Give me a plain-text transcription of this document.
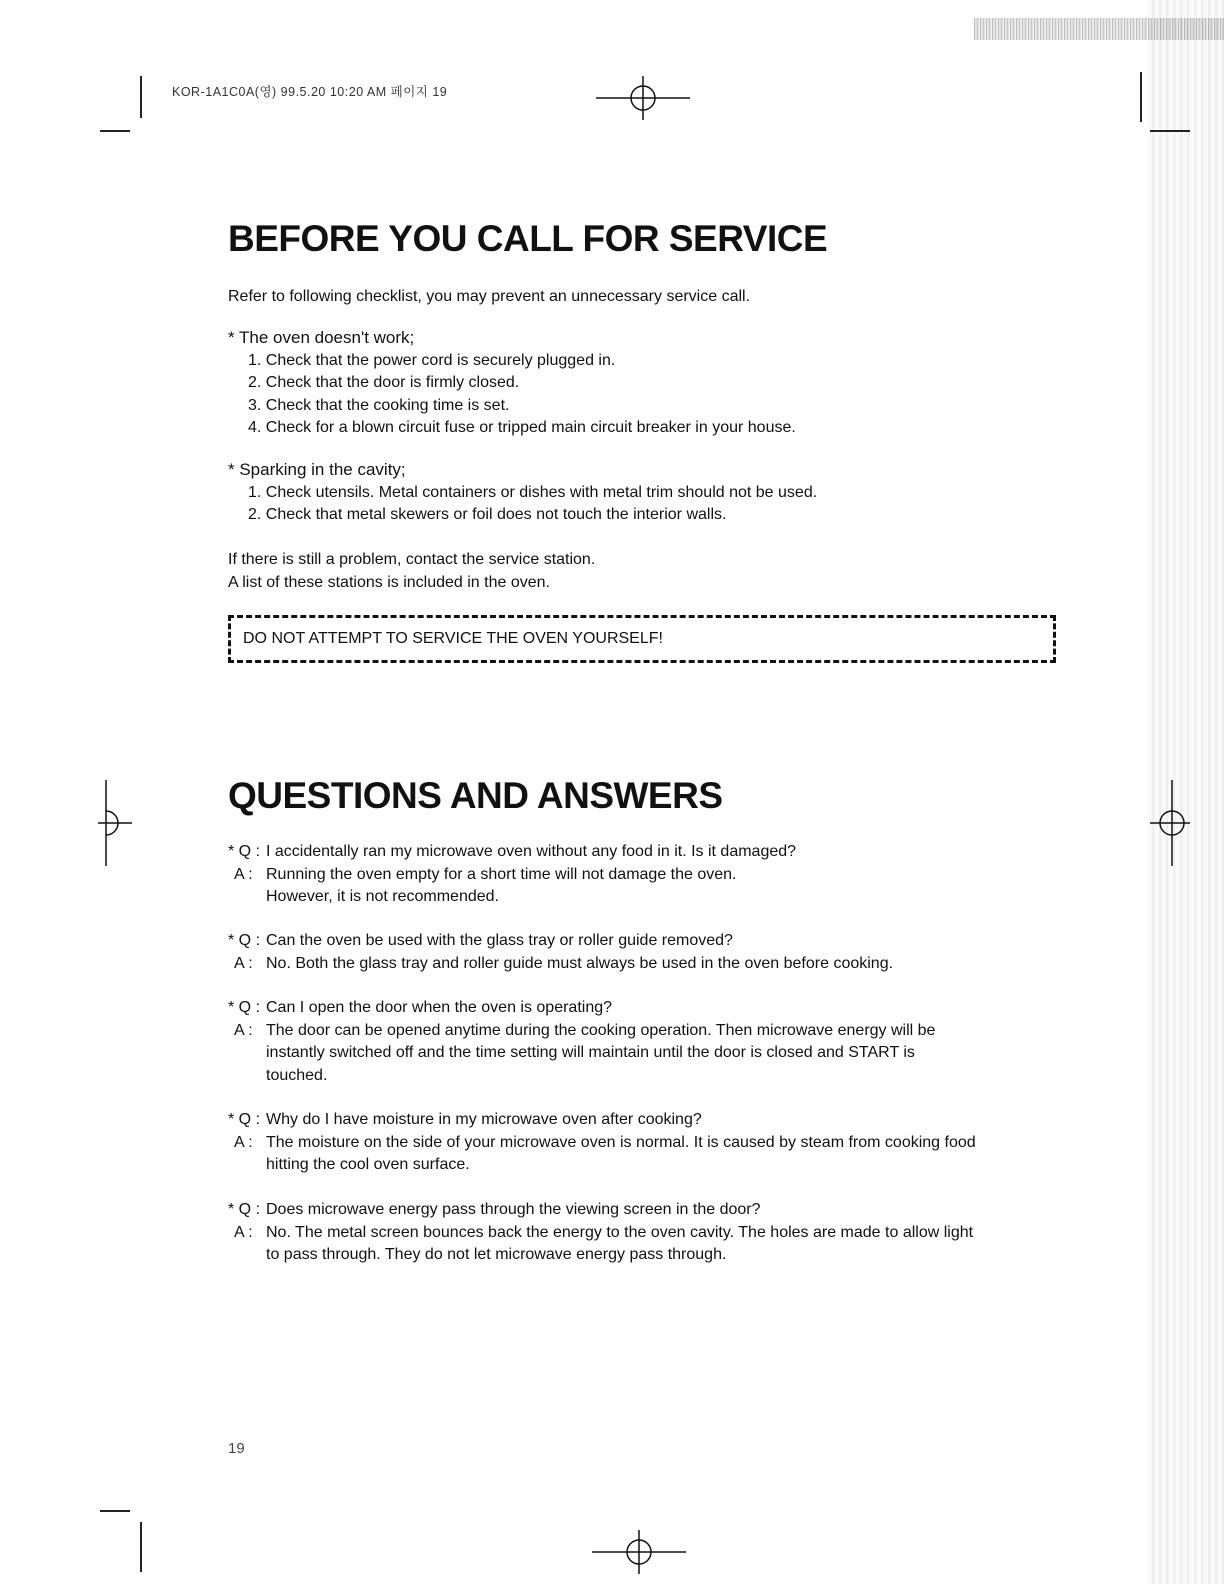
KOR-1A1C0A(영) 99.5.20 10:20 AM 페이지 19
BEFORE YOU CALL FOR SERVICE
Refer to following checklist, you may prevent an unnecessary service call.
* The oven doesn't work;
1. Check that the power cord is securely plugged in.
2. Check that the door is firmly closed.
3. Check that the cooking time is set.
4. Check for a blown circuit fuse or tripped main circuit breaker in your house.
* Sparking in the cavity;
1. Check utensils. Metal containers or dishes with metal trim should not be used.
2. Check that metal skewers or foil does not touch the interior walls.
If there is still a problem, contact the service station.
A list of these stations is included in the oven.
DO NOT ATTEMPT TO SERVICE THE OVEN YOURSELF!
QUESTIONS AND ANSWERS
* Q : I accidentally ran my microwave oven without any food in it. Is it damaged?
A : Running the oven empty for a short time will not damage the oven.
However, it is not recommended.
* Q : Can the oven be used with the glass tray or roller guide removed?
A : No. Both the glass tray and roller guide must always be used in the oven before cooking.
* Q : Can I open the door when the oven is operating?
A : The door can be opened anytime during the cooking operation. Then microwave energy will be
instantly switched off and the time setting will maintain until the door is closed and START is
touched.
* Q : Why do I have moisture in my microwave oven after cooking?
A : The moisture on the side of your microwave oven is normal. It is caused by steam from cooking food
hitting the cool oven surface.
* Q : Does microwave energy pass through the viewing screen in the door?
A : No. The metal screen bounces back the energy to the oven cavity. The holes are made to allow light
to pass through. They do not let microwave energy pass through.
19
